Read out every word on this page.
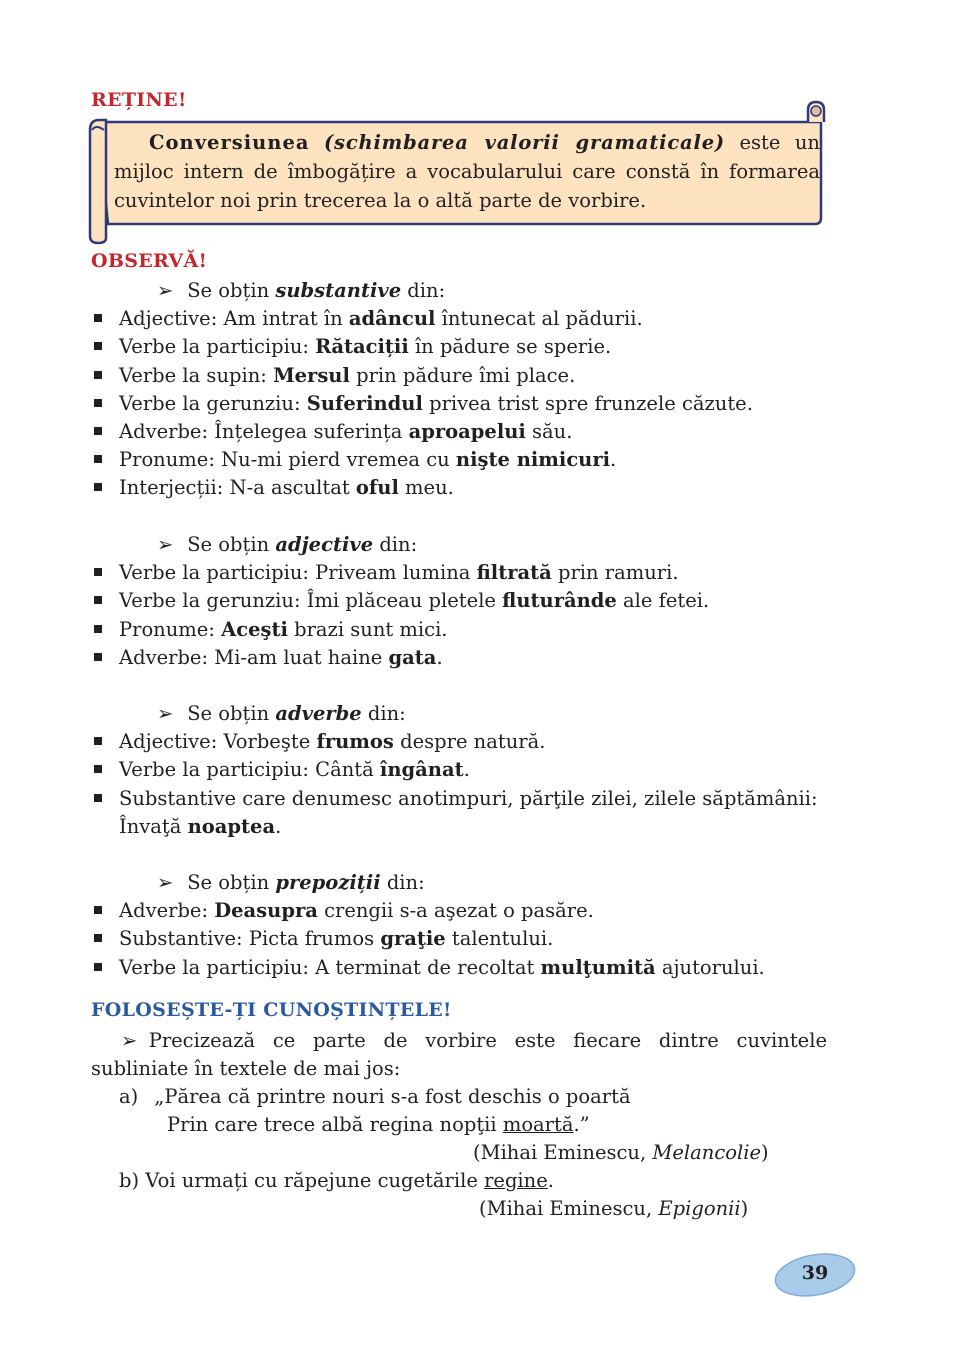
REȚINE!
Conversiunea (schimbarea valorii gramaticale) este un mijloc intern de îmbogățire a vocabularului care constă în formarea cuvintelor noi prin trecerea la o altă parte de vorbire.
OBSERVĂ!
➢ Se obțin substantive din:
Adjective: Am intrat în adâncul întunecat al pădurii.
Verbe la participiu: Rătaciții în pădure se sperie.
Verbe la supin: Mersul prin pădure îmi place.
Verbe la gerunziu: Suferindul privea trist spre frunzele căzute.
Adverbe: Înțelegea suferința aproapelui său.
Pronume: Nu-mi pierd vremea cu nişte nimicuri.
Interjecții: N-a ascultat oful meu.
➢ Se obțin adjective din:
Verbe la participiu: Priveam lumina filtrată prin ramuri.
Verbe la gerunziu: Îmi plăceau pletele fluturânde ale fetei.
Pronume: Aceşti brazi sunt mici.
Adverbe: Mi-am luat haine gata.
➢ Se obțin adverbe din:
Adjective: Vorbeşte frumos despre natură.
Verbe la participiu: Cântă îngânat.
Substantive care denumesc anotimpuri, părţile zilei, zilele săptămânii:
Învaţă noaptea.
➢ Se obțin prepoziții din:
Adverbe: Deasupra crengii s-a aşezat o pasăre.
Substantive: Picta frumos graţie talentului.
Verbe la participiu: A terminat de recoltat mulţumită ajutorului.
FOLOSEȘTE-ȚI CUNOȘTINȚELE!
➢ Precizează ce parte de vorbire este fiecare dintre cuvintele subliniate în textele de mai jos:
a) „Părea că printre nouri s-a fost deschis o poartă
Prin care trece albă regina nopţii moartă.”
(Mihai Eminescu, Melancolie)
b) Voi urmați cu răpejune cugetările regine.
(Mihai Eminescu, Epigonii)
39
